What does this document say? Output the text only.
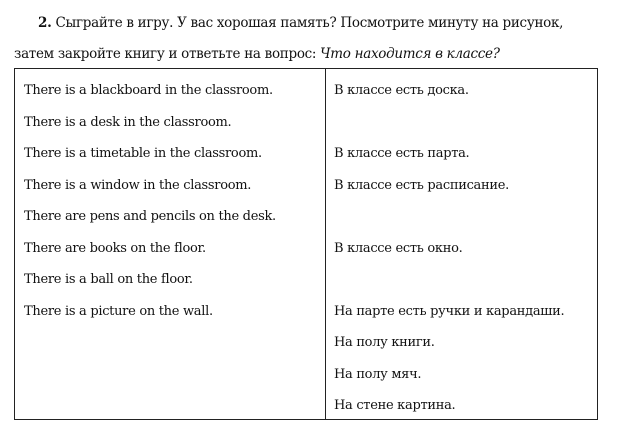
2. Сыграйте в игру. У вас хорошая память? Посмотрите минуту на рисунок, затем закройте книгу и ответьте на вопрос: Что находится в классе?
There is a blackboard in the classroom.
There is a desk in the classroom.
There is a timetable in the classroom.
There is a window in the classroom.
There are pens and pencils on the desk.
There are books on the floor.
There is a ball on the floor.
There is a picture on the wall.
В классе есть доска.
В классе есть парта.
В классе есть расписание.
В классе есть окно.
На парте есть ручки и карандаши.
На полу книги.
На полу мяч.
На стене картина.
